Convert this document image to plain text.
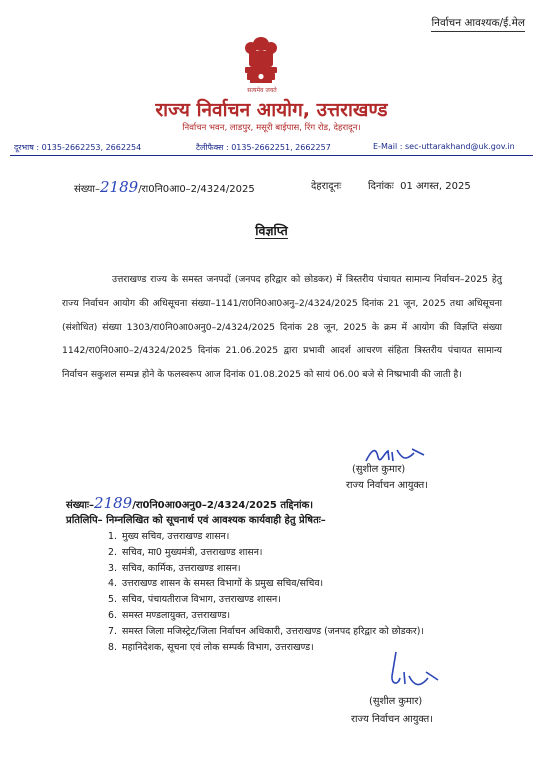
निर्वाचन आवश्यक/ई.मेल
सत्यमेव जयते
राज्य निर्वाचन आयोग, उत्तराखण्ड
निर्वाचन भवन, लाडपुर, मसूरी बाईपास, रिंग रोड, देहरादून।
दूरभाष : 0135-2662253, 2662254	टैलीफैक्स : 0135-2662251, 2662257	E-Mail : sec-uttarakhand@uk.gov.in
संख्या–2189/रा0नि0आ0–2/4324/2025	देहरादूनः	दिनांकः 01 अगस्त, 2025
विज्ञप्ति
उत्तराखण्ड राज्य के समस्त जनपदों (जनपद हरिद्वार को छोडकर) में त्रिस्तरीय पंचायत सामान्य निर्वाचन–2025 हेतु राज्य निर्वाचन आयोग की अधिसूचना संख्या–1141/रा0नि0आ0अनु–2/4324/2025 दिनांक 21 जून, 2025 तथा अधिसूचना (संशोधित) संख्या 1303/रा0नि0आ0अनु0–2/4324/2025 दिनांक 28 जून, 2025 के क्रम में आयोग की विज्ञप्ति संख्या 1142/रा0नि0आ0–2/4324/2025 दिनांक 21.06.2025 द्वारा प्रभावी आदर्श आचरण संहिता त्रिस्तरीय पंचायत सामान्य निर्वाचन सकुशल सम्पन्न होने के फलस्वरूप आज दिनांक 01.08.2025 को सायं 06.00 बजे से निष्प्रभावी की जाती है।
(सुशील कुमार)
राज्य निर्वाचन आयुक्त।
संख्याः–2189/रा0नि0आ0अनु0–2/4324/2025 तद्दिनांक।
प्रतिलिपि– निम्नलिखित को सूचनार्थ एवं आवश्यक कार्यवाही हेतु प्रेषितः–
1. मुख्य सचिव, उत्तराखण्ड शासन।
2. सचिव, मा0 मुख्यमंत्री, उत्तराखण्ड शासन।
3. सचिव, कार्मिक, उत्तराखण्ड शासन।
4. उत्तराखण्ड शासन के समस्त विभागों के प्रमुख सचिव/सचिव।
5. सचिव, पंचायतीराज विभाग, उत्तराखण्ड शासन।
6. समस्त मण्डलायुक्त, उत्तराखण्ड।
7. समस्त जिला मजिस्ट्रेट/जिला निर्वाचन अधिकारी, उत्तराखण्ड (जनपद हरिद्वार को छोडकर)।
8. महानिदेशक, सूचना एवं लोक सम्पर्क विभाग, उत्तराखण्ड।
(सुशील कुमार)
राज्य निर्वाचन आयुक्त।
